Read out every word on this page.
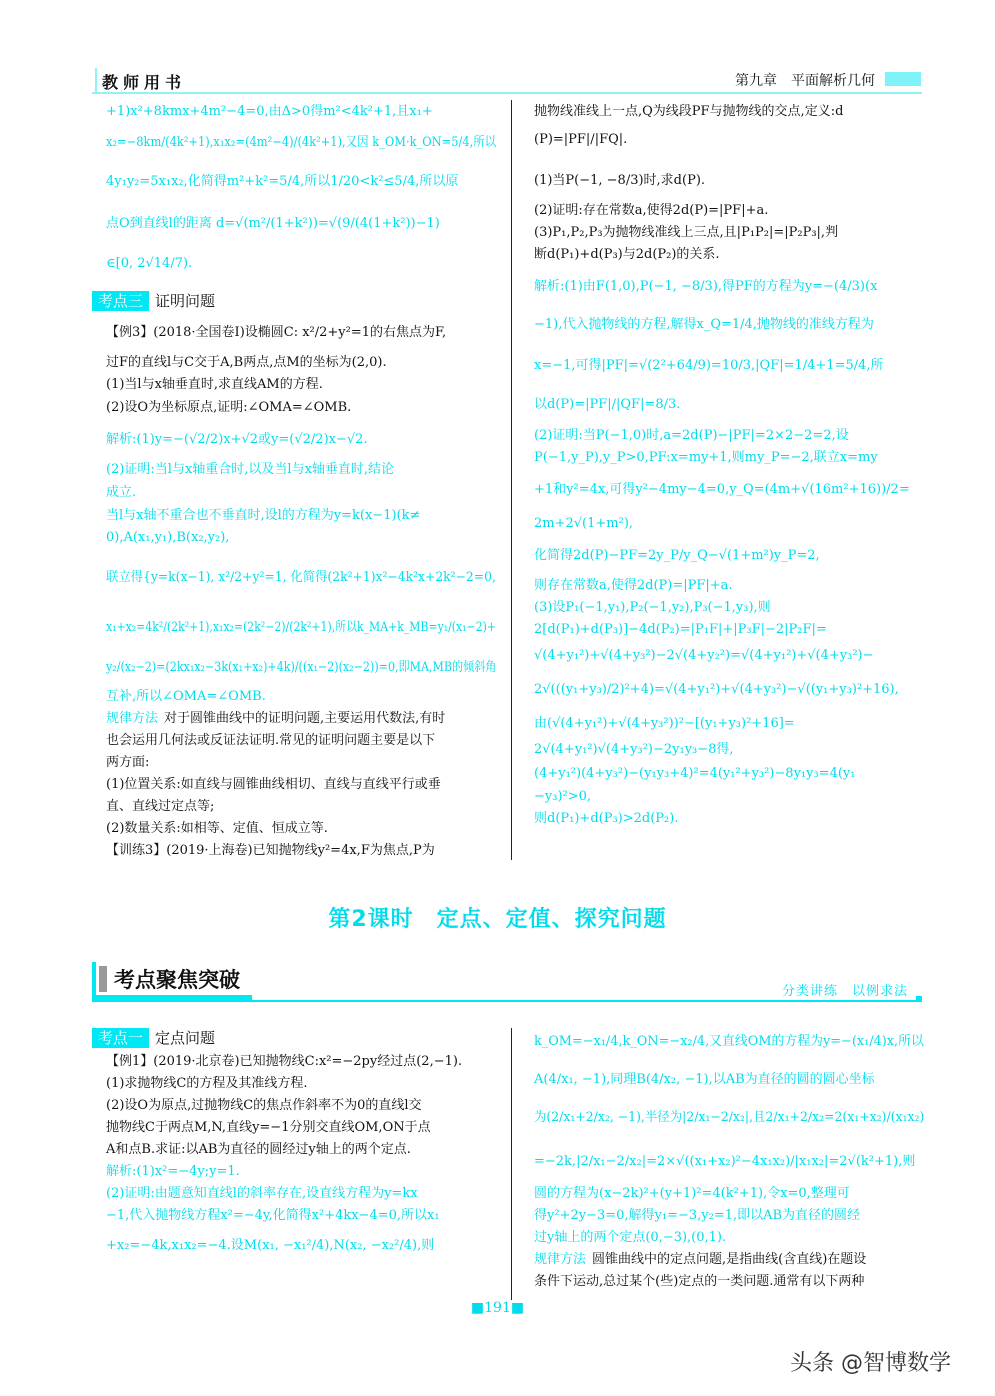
教师用书	第九章　平面解析几何
+1)x²+8kmx+4m²−4=0,由Δ>0得m²<4k²+1,且x₁+
x₂=−8km/(4k²+1),x₁x₂=(4m²−4)/(4k²+1),又因 k_OM·k_ON=5/4,所以
4y₁y₂=5x₁x₂,化简得m²+k²=5/4,所以1/20<k²≤5/4,所以原
点O到直线l的距离 d=√(m²/(1+k²))=√(9/(4(1+k²))−1)
∈[0, 2√14/7).
【例3】(2018·全国卷Ⅰ)设椭圆C: x²/2+y²=1的右焦点为F,
过F的直线l与C交于A,B两点,点M的坐标为(2,0).
(1)当l与x轴垂直时,求直线AM的方程.
(2)设O为坐标原点,证明:∠OMA=∠OMB.
解析:(1)y=−(√2/2)x+√2或y=(√2/2)x−√2.
(2)证明:当l与x轴重合时,以及当l与x轴垂直时,结论
成立.
当l与x轴不重合也不垂直时,设l的方程为y=k(x−1)(k≠
0),A(x₁,y₁),B(x₂,y₂),
联立得{y=k(x−1), x²/2+y²=1, 化简得(2k²+1)x²−4k²x+2k²−2=0,
x₁+x₂=4k²/(2k²+1),x₁x₂=(2k²−2)/(2k²+1),所以k_MA+k_MB=y₁/(x₁−2)+
y₂/(x₂−2)=(2kx₁x₂−3k(x₁+x₂)+4k)/((x₁−2)(x₂−2))=0,即MA,MB的倾斜角
互补,所以∠OMA=∠OMB.
规律方法 对于圆锥曲线中的证明问题,主要运用代数法,有时
也会运用几何法或反证法证明.常见的证明问题主要是以下
两方面:
(1)位置关系:如直线与圆锥曲线相切、直线与直线平行或垂
直、直线过定点等;
(2)数量关系:如相等、定值、恒成立等.
【训练3】(2019·上海卷)已知抛物线y²=4x,F为焦点,P为
抛物线准线上一点,Q为线段PF与抛物线的交点,定义:d
(P)=|PF|/|FQ|.
(1)当P(−1, −8/3)时,求d(P).
(2)证明:存在常数a,使得2d(P)=|PF|+a.
(3)P₁,P₂,P₃为抛物线准线上三点,且|P₁P₂|=|P₂P₃|,判
断d(P₁)+d(P₃)与2d(P₂)的关系.
解析:(1)由F(1,0),P(−1, −8/3),得PF的方程为y=−(4/3)(x
−1),代入抛物线的方程,解得x_Q=1/4,抛物线的准线方程为
x=−1,可得|PF|=√(2²+64/9)=10/3,|QF|=1/4+1=5/4,所
以d(P)=|PF|/|QF|=8/3.
(2)证明:当P(−1,0)时,a=2d(P)−|PF|=2×2−2=2,设
P(−1,y_P),y_P>0,PF:x=my+1,则my_P=−2,联立x=my
+1和y²=4x,可得y²−4my−4=0,y_Q=(4m+√(16m²+16))/2=
2m+2√(1+m²),
化简得2d(P)−PF=2y_P/y_Q−√(1+m²)y_P=2,
则存在常数a,使得2d(P)=|PF|+a.
(3)设P₁(−1,y₁),P₂(−1,y₂),P₃(−1,y₃),则
2[d(P₁)+d(P₃)]−4d(P₂)=|P₁F|+|P₃F|−2|P₂F|=
√(4+y₁²)+√(4+y₃²)−2√(4+y₂²)=√(4+y₁²)+√(4+y₃²)−
2√(((y₁+y₃)/2)²+4)=√(4+y₁²)+√(4+y₃²)−√((y₁+y₃)²+16),
由(√(4+y₁²)+√(4+y₃²))²−[(y₁+y₃)²+16]=
2√(4+y₁²)√(4+y₃²)−2y₁y₃−8得,
(4+y₁²)(4+y₃²)−(y₁y₃+4)²=4(y₁²+y₃²)−8y₁y₃=4(y₁
−y₃)²>0,
则d(P₁)+d(P₃)>2d(P₂).
【例1】(2019·北京卷)已知抛物线C:x²=−2py经过点(2,−1).
(1)求抛物线C的方程及其准线方程.
(2)设O为原点,过抛物线C的焦点作斜率不为0的直线l交
抛物线C于两点M,N,直线y=−1分别交直线OM,ON于点
A和点B.求证:以AB为直径的圆经过y轴上的两个定点.
解析:(1)x²=−4y;y=1.
(2)证明:由题意知直线l的斜率存在,设直线方程为y=kx
−1,代入抛物线方程x²=−4y,化简得x²+4kx−4=0,所以x₁
+x₂=−4k,x₁x₂=−4.设M(x₁, −x₁²/4),N(x₂, −x₂²/4),则
k_OM=−x₁/4,k_ON=−x₂/4,又直线OM的方程为y=−(x₁/4)x,所以
A(4/x₁, −1),同理B(4/x₂, −1),以AB为直径的圆的圆心坐标
为(2/x₁+2/x₂, −1),半径为|2/x₁−2/x₂|,且2/x₁+2/x₂=2(x₁+x₂)/(x₁x₂)
=−2k,|2/x₁−2/x₂|=2×√((x₁+x₂)²−4x₁x₂)/|x₁x₂|=2√(k²+1),则
圆的方程为(x−2k)²+(y+1)²=4(k²+1),令x=0,整理可
得y²+2y−3=0,解得y₁=−3,y₂=1,即以AB为直径的圆经
过y轴上的两个定点(0,−3),(0,1).
规律方法 圆锥曲线中的定点问题,是指曲线(含直线)在题设
条件下运动,总过某个(些)定点的一类问题.通常有以下两种
考点三 证明问题
第2课时　定点、定值、探究问题
考点聚焦突破	分类讲练　以例求法
考点一 定点问题
■191■
头条 @智博数学
